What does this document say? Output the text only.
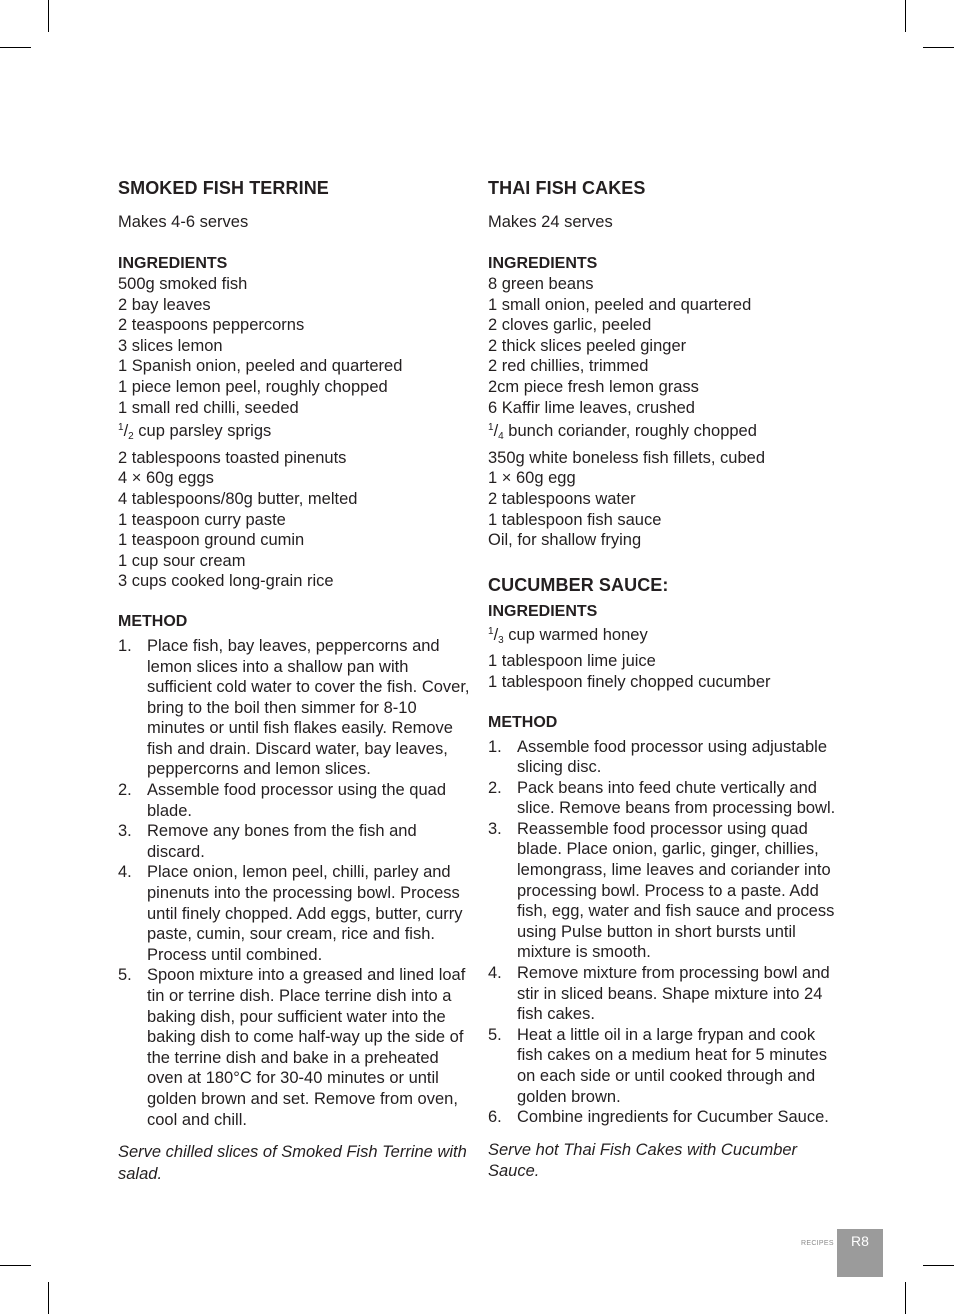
SMOKED FISH TERRINE

Makes 4-6 serves

INGREDIENTS
500g smoked fish
2 bay leaves
2 teaspoons peppercorns
3 slices lemon
1 Spanish onion, peeled and quartered
1 piece lemon peel, roughly chopped
1 small red chilli, seeded
$^1/_2$ cup parsley sprigs
2 tablespoons toasted pinenuts
4 × 60g eggs
4 tablespoons/80g butter, melted
1 teaspoon curry paste
1 teaspoon ground cumin
1 cup sour cream
3 cups cooked long-grain rice
METHOD
1. Place fish, bay leaves, peppercorns and lemon slices into a shallow pan with sufficient cold water to cover the fish. Cover, bring to the boil then simmer for 8-10 minutes or until fish flakes easily. Remove fish and drain. Discard water, bay leaves, peppercorns and lemon slices.
2. Assemble food processor using the quad blade.
3. Remove any bones from the fish and discard.
4. Place onion, lemon peel, chilli, parley and pinenuts into the processing bowl. Process until finely chopped. Add eggs, butter, curry paste, cumin, sour cream, rice and fish. Process until combined.
5. Spoon mixture into a greased and lined loaf tin or terrine dish. Place terrine dish into a baking dish, pour sufficient water into the baking dish to come half-way up the side of the terrine dish and bake in a preheated oven at 180°C for 30-40 minutes or until golden brown and set. Remove from oven, cool and chill.

Serve chilled slices of Smoked Fish Terrine with salad.

THAI FISH CAKES

Makes 24 serves

INGREDIENTS
8 green beans
1 small onion, peeled and quartered
2 cloves garlic, peeled
2 thick slices peeled ginger
2 red chillies, trimmed
2cm piece fresh lemon grass
6 Kaffir lime leaves, crushed
$^1/_4$ bunch coriander, roughly chopped
350g white boneless fish fillets, cubed
1 × 60g egg
2 tablespoons water
1 tablespoon fish sauce
Oil, for shallow frying
CUCUMBER SAUCE:
INGREDIENTS
$^1/_3$ cup warmed honey
1 tablespoon lime juice
1 tablespoon finely chopped cucumber
METHOD
1. Assemble food processor using adjustable slicing disc.
2. Pack beans into feed chute vertically and slice. Remove beans from processing bowl.
3. Reassemble food processor using quad blade. Place onion, garlic, ginger, chillies, lemongrass, lime leaves and coriander into processing bowl. Process to a paste. Add fish, egg, water and fish sauce and process using Pulse button in short bursts until mixture is smooth.
4. Remove mixture from processing bowl and stir in sliced beans. Shape mixture into 24 fish cakes.
5. Heat a little oil in a large frypan and cook fish cakes on a medium heat for 5 minutes on each side or until cooked through and golden brown.
6. Combine ingredients for Cucumber Sauce.

Serve hot Thai Fish Cakes with Cucumber Sauce.

RECIPES	R8
